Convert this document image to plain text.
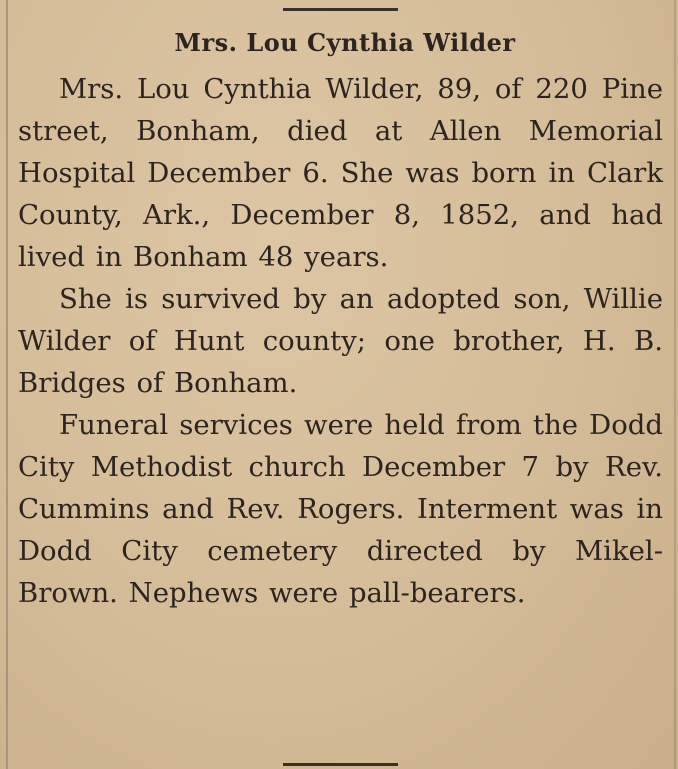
Mrs. Lou Cynthia Wilder

Mrs. Lou Cynthia Wilder, 89, of 220 Pine street, Bonham, died at Allen Memorial Hospital December 6. She was born in Clark County, Ark., December 8, 1852, and had lived in Bonham 48 years.

She is survived by an adopted son, Willie Wilder of Hunt county; one brother, H. B. Bridges of Bonham.

Funeral services were held from the Dodd City Methodist church December 7 by Rev. Cummins and Rev. Rogers. Interment was in Dodd City cemetery directed by Mikel-Brown. Nephews were pall-bearers.
